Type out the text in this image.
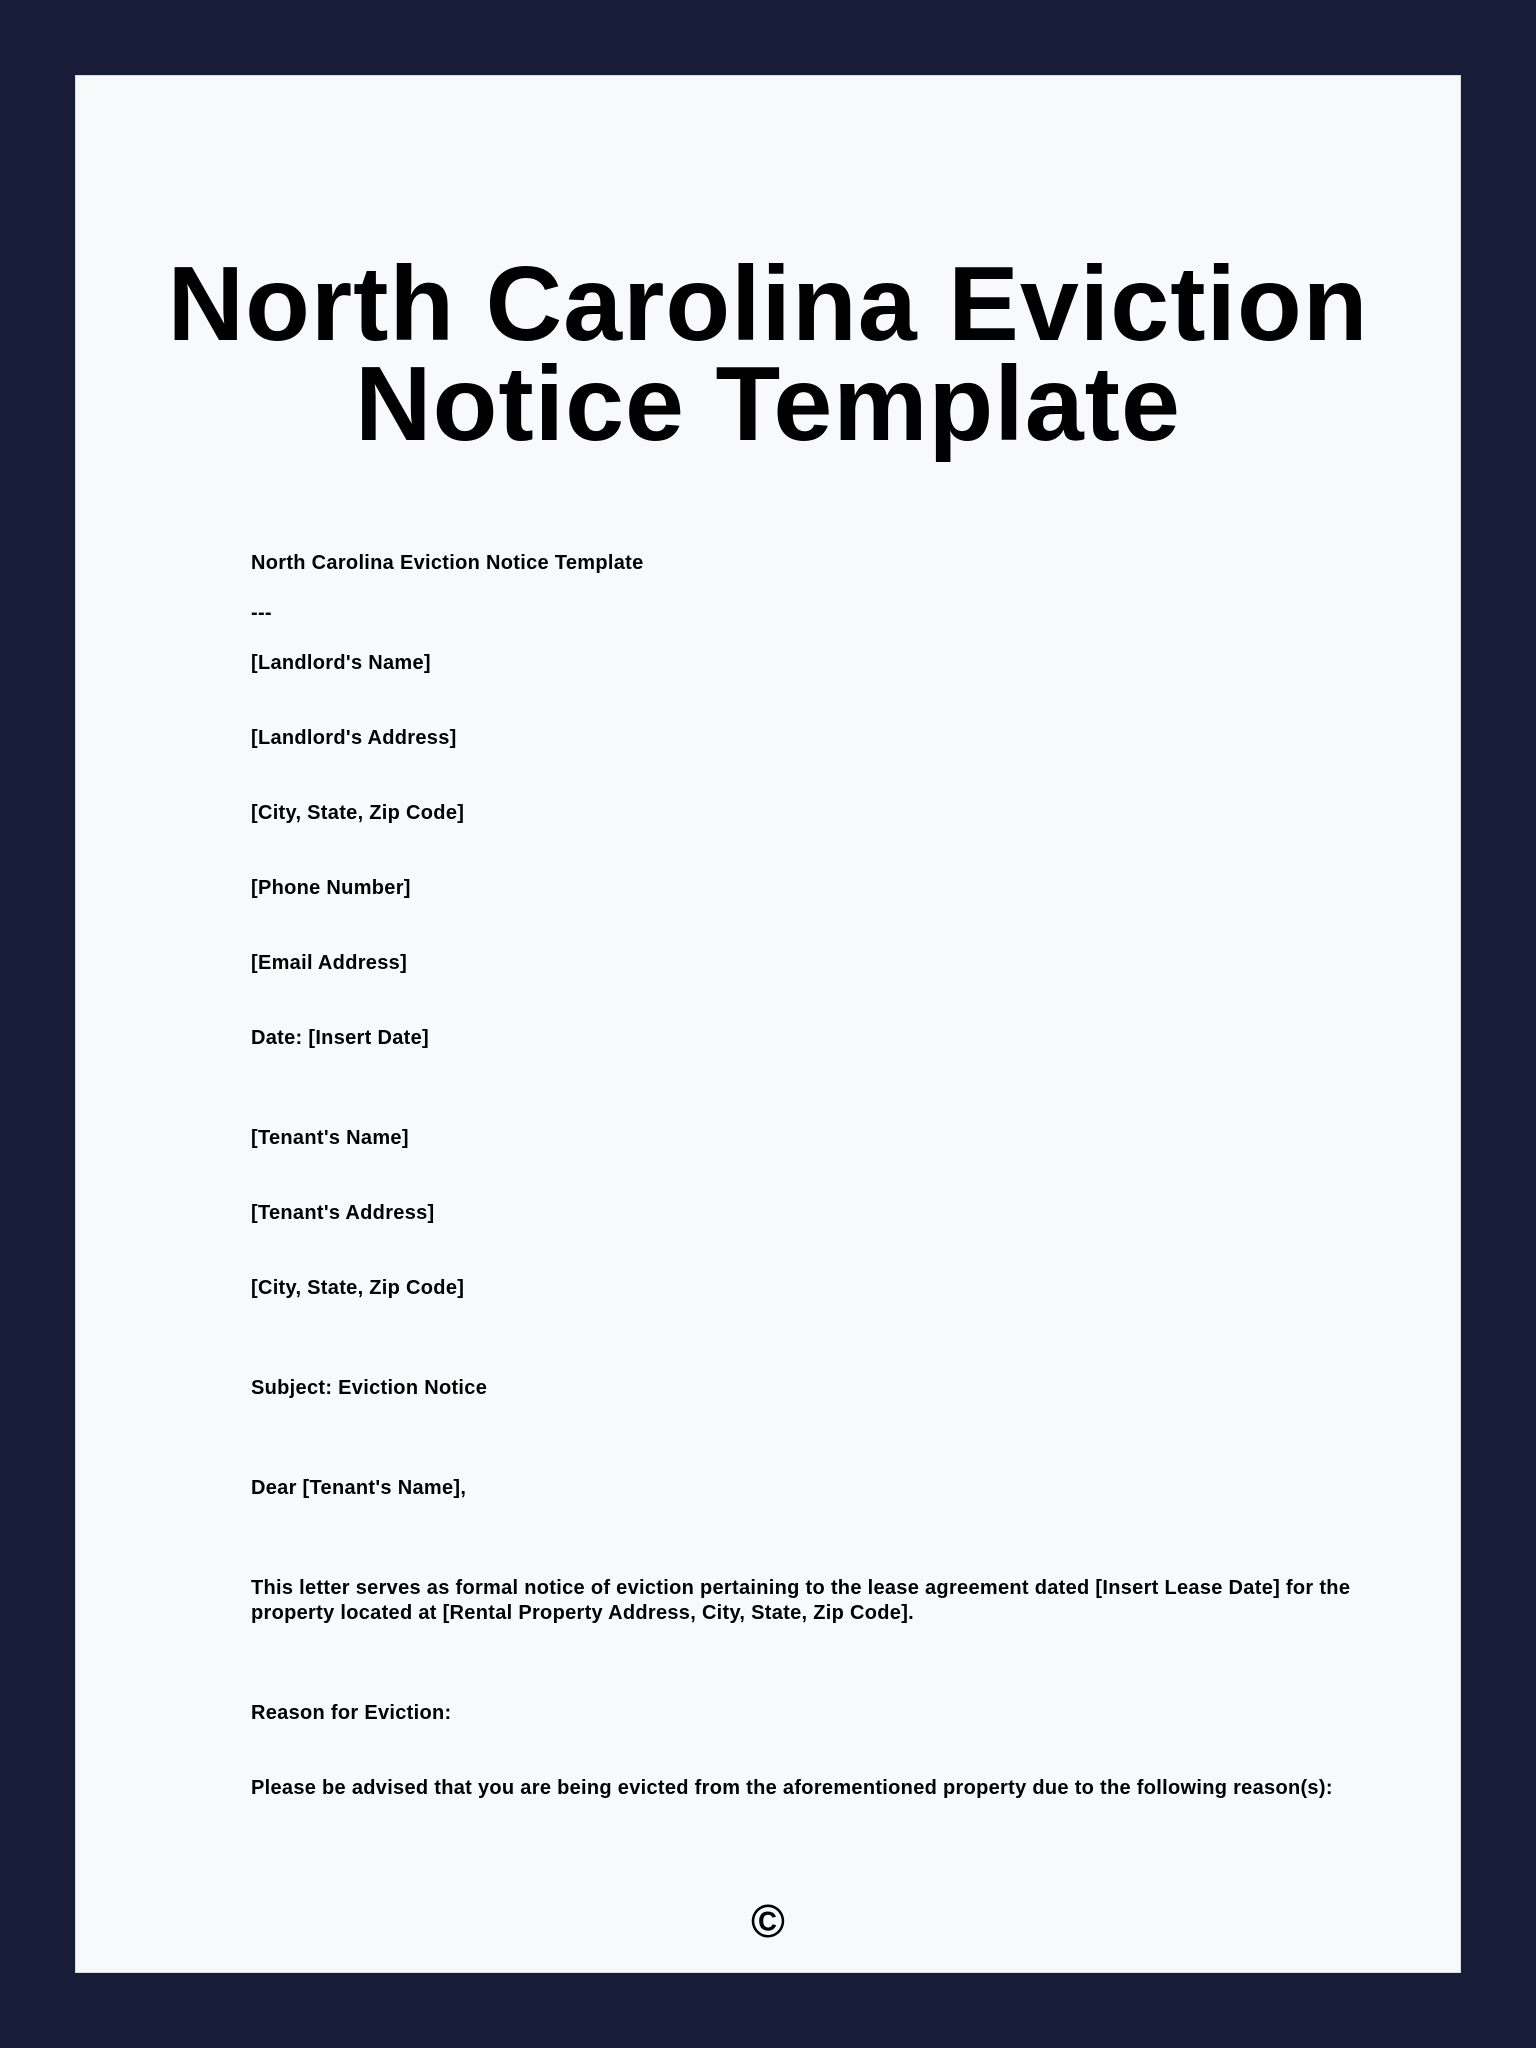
North Carolina Eviction
Notice Template
North Carolina Eviction Notice Template
---
[Landlord's Name]
[Landlord's Address]
[City, State, Zip Code]
[Phone Number]
[Email Address]
Date: [Insert Date]
[Tenant's Name]
[Tenant's Address]
[City, State, Zip Code]
Subject: Eviction Notice
Dear [Tenant's Name],
This letter serves as formal notice of eviction pertaining to the lease agreement dated [Insert Lease Date] for the property located at [Rental Property Address, City, State, Zip Code].
Reason for Eviction:
Please be advised that you are being evicted from the aforementioned property due to the following reason(s):
©
